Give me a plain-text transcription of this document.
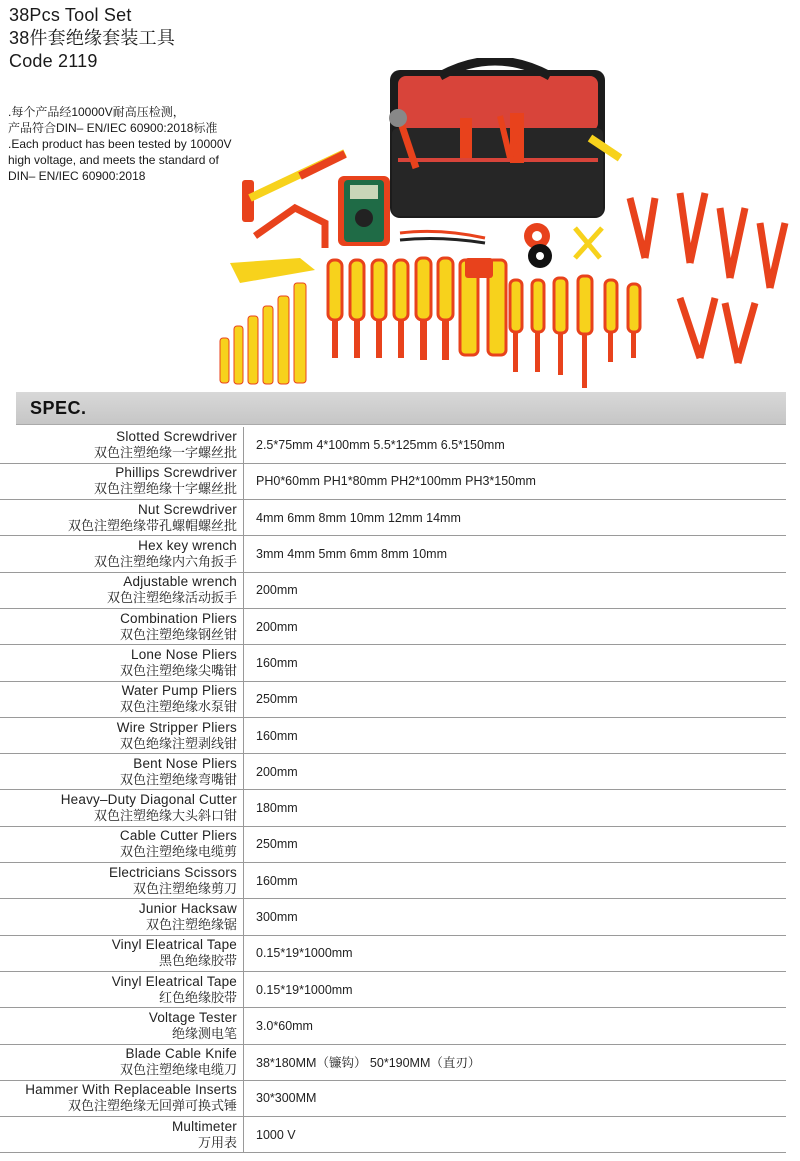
38Pcs Tool Set
38件套绝缘套装工具
Code 2119
.每个产品经10000V耐高压检测，
产品符合DIN– EN/IEC 60900:2018标准
.Each product has been tested by 10000V
high voltage, and meets the standard of
DIN– EN/IEC 60900:2018
SPEC.
Slotted Screwdriver
双色注塑绝缘一字螺丝批	2.5*75mm 4*100mm 5.5*125mm 6.5*150mm

Phillips Screwdriver
双色注塑绝缘十字螺丝批	PH0*60mm PH1*80mm PH2*100mm PH3*150mm

Nut Screwdriver
双色注塑绝缘带孔螺帽螺丝批	4mm 6mm 8mm 10mm 12mm 14mm

Hex key wrench
双色注塑绝缘内六角扳手	3mm 4mm 5mm 6mm 8mm 10mm

Adjustable wrench
双色注塑绝缘活动扳手	200mm

Combination Pliers
双色注塑绝缘钢丝钳	200mm

Lone Nose Pliers
双色注塑绝缘尖嘴钳	160mm

Water Pump Pliers
双色注塑绝缘水泵钳	250mm

Wire Stripper Pliers
双色绝缘注塑剥线钳	160mm

Bent Nose Pliers
双色注塑绝缘弯嘴钳	200mm

Heavy–Duty Diagonal Cutter
双色注塑绝缘大头斜口钳	180mm

Cable Cutter Pliers
双色注塑绝缘电缆剪	250mm

Electricians Scissors
双色注塑绝缘剪刀	160mm

Junior Hacksaw
双色注塑绝缘锯	300mm

Vinyl Eleatrical Tape
黑色绝缘胶带	0.15*19*1000mm

Vinyl Eleatrical Tape
红色绝缘胶带	0.15*19*1000mm

Voltage Tester
绝缘测电笔	3.0*60mm

Blade Cable Knife
双色注塑绝缘电缆刀	38*180MM（镰钩） 50*190MM（直刃）

Hammer With Replaceable Inserts
双色注塑绝缘无回弹可换式锤	30*300MM

Multimeter
万用表	1000 V
